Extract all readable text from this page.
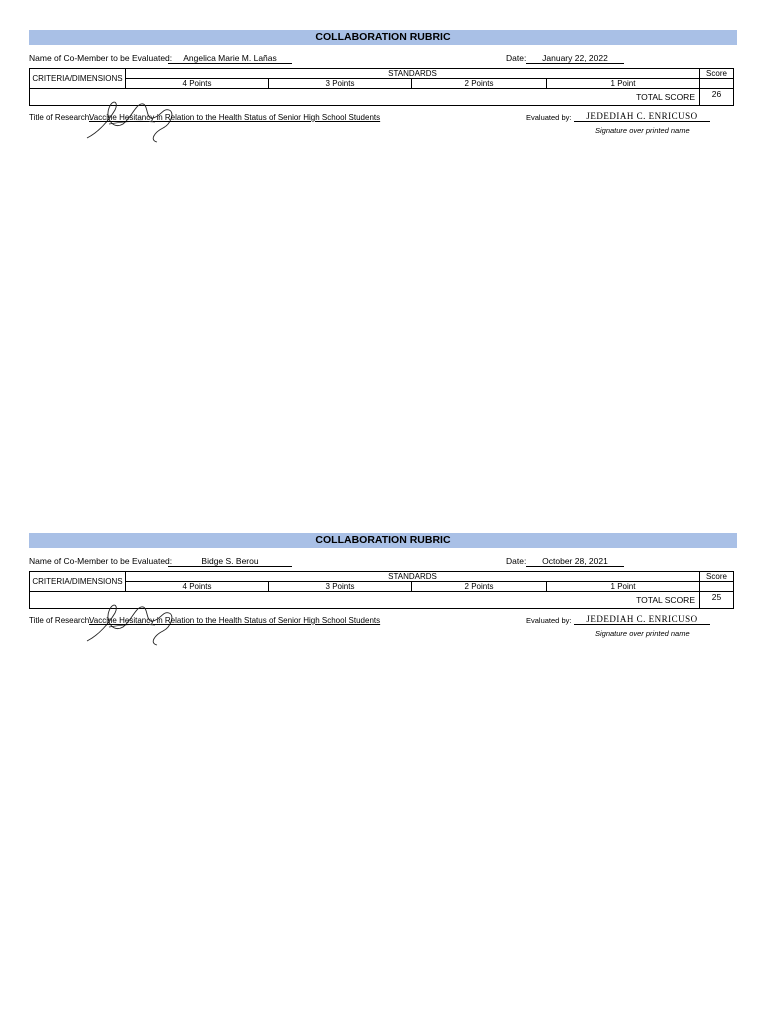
COLLABORATION RUBRIC
Name of Co-Member to be Evaluated:	Angelica Marie M. Lañas	Date:	January 22, 2022
CRITERIA/DIMENSIONS	STANDARDS				Score
	4 Points	3 Points	2 Points	1 Point	
TOTAL SCORE					26
Title of Research:
Vaccine Hesitancy in Relation to the Health Status of Senior High School Students	Evaluated by:	JEDEDIAH C. ENRICUSO
Signature over printed name
COLLABORATION RUBRIC
Name of Co-Member to be Evaluated:	Bidge S. Berou	Date:	October 28, 2021
CRITERIA/DIMENSIONS	STANDARDS				Score
	4 Points	3 Points	2 Points	1 Point	
TOTAL SCORE					25
Title of Research:
Vaccine Hesitancy in Relation to the Health Status of Senior High School Students	Evaluated by:	JEDEDIAH C. ENRICUSO
Signature over printed name
